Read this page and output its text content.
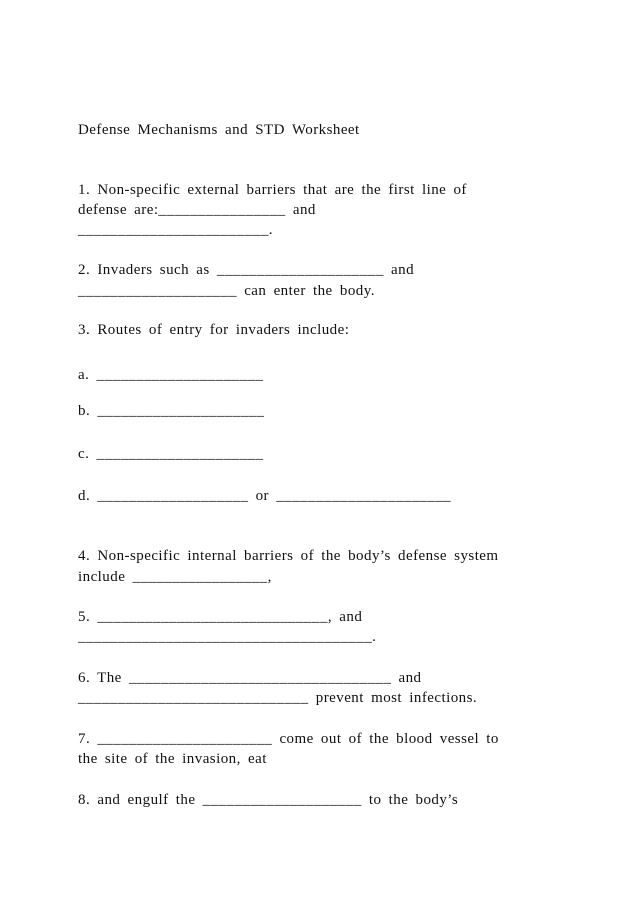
Defense Mechanisms and STD Worksheet
1. Non-specific external barriers that are the first line of
defense are:________________ and
________________________.
2. Invaders such as _____________________ and
____________________ can enter the body.
3. Routes of entry for invaders include:
a. _____________________
b. _____________________
c. _____________________
d. ___________________ or ______________________
4. Non-specific internal barriers of the body’s defense system
include _________________,
5. _____________________________, and
_____________________________________.
6. The _________________________________ and
_____________________________ prevent most infections.
7. ______________________ come out of the blood vessel to
the site of the invasion, eat
8. and engulf the ____________________ to the body’s
